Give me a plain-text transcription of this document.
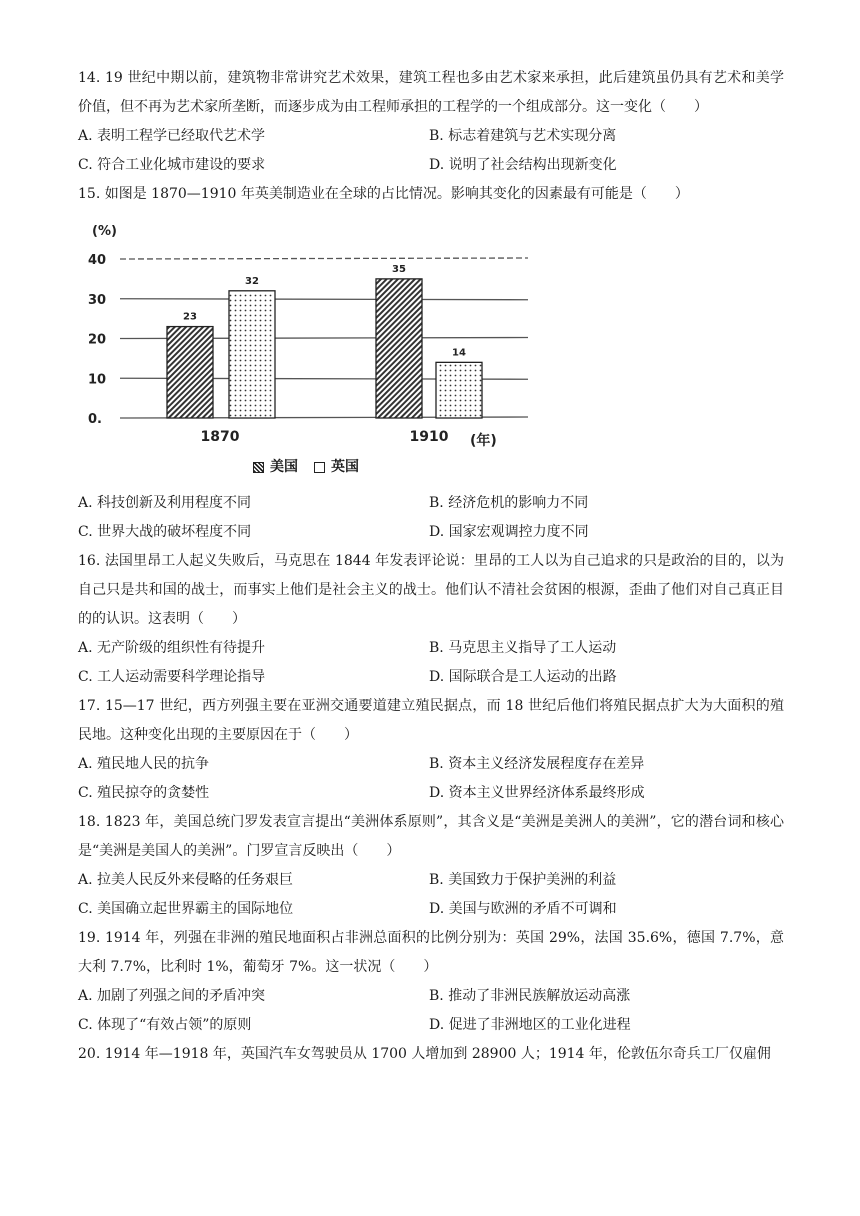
14. 19 世纪中期以前，建筑物非常讲究艺术效果，建筑工程也多由艺术家来承担，此后建筑虽仍具有艺术和美学价值，但不再为艺术家所垄断，而逐步成为由工程师承担的工程学的一个组成部分。这一变化（　　）
A. 表明工程学已经取代艺术学	B. 标志着建筑与艺术实现分离
C. 符合工业化城市建设的要求	D. 说明了社会结构出现新变化
15. 如图是 1870—1910 年英美制造业在全球的占比情况。影响其变化的因素最有可能是（　　）
(%)
40
30
20
10
0.
23
35
32
14
1870	1910 (年)
美国 英国
A. 科技创新及利用程度不同	B. 经济危机的影响力不同
C. 世界大战的破坏程度不同	D. 国家宏观调控力度不同
16. 法国里昂工人起义失败后，马克思在 1844 年发表评论说：里昂的工人以为自己追求的只是政治的目的，以为自己只是共和国的战士，而事实上他们是社会主义的战士。他们认不清社会贫困的根源，歪曲了他们对自己真正目的的认识。这表明（　　）
A. 无产阶级的组织性有待提升	B. 马克思主义指导了工人运动
C. 工人运动需要科学理论指导	D. 国际联合是工人运动的出路
17. 15—17 世纪，西方列强主要在亚洲交通要道建立殖民据点，而 18 世纪后他们将殖民据点扩大为大面积的殖民地。这种变化出现的主要原因在于（　　）
A. 殖民地人民的抗争	B. 资本主义经济发展程度存在差异
C. 殖民掠夺的贪婪性	D. 资本主义世界经济体系最终形成
18. 1823 年，美国总统门罗发表宣言提出“美洲体系原则”，其含义是“美洲是美洲人的美洲”，它的潜台词和核心是“美洲是美国人的美洲”。门罗宣言反映出（　　）
A. 拉美人民反外来侵略的任务艰巨	B. 美国致力于保护美洲的利益
C. 美国确立起世界霸主的国际地位	D. 美国与欧洲的矛盾不可调和
19. 1914 年，列强在非洲的殖民地面积占非洲总面积的比例分别为：英国 29%，法国 35.6%，德国 7.7%，意大利 7.7%，比利时 1%，葡萄牙 7%。这一状况（　　）
A. 加剧了列强之间的矛盾冲突	B. 推动了非洲民族解放运动高涨
C. 体现了“有效占领”的原则	D. 促进了非洲地区的工业化进程
20. 1914 年—1918 年，英国汽车女驾驶员从 1700 人增加到 28900 人；1914 年，伦敦伍尔奇兵工厂仅雇佣
